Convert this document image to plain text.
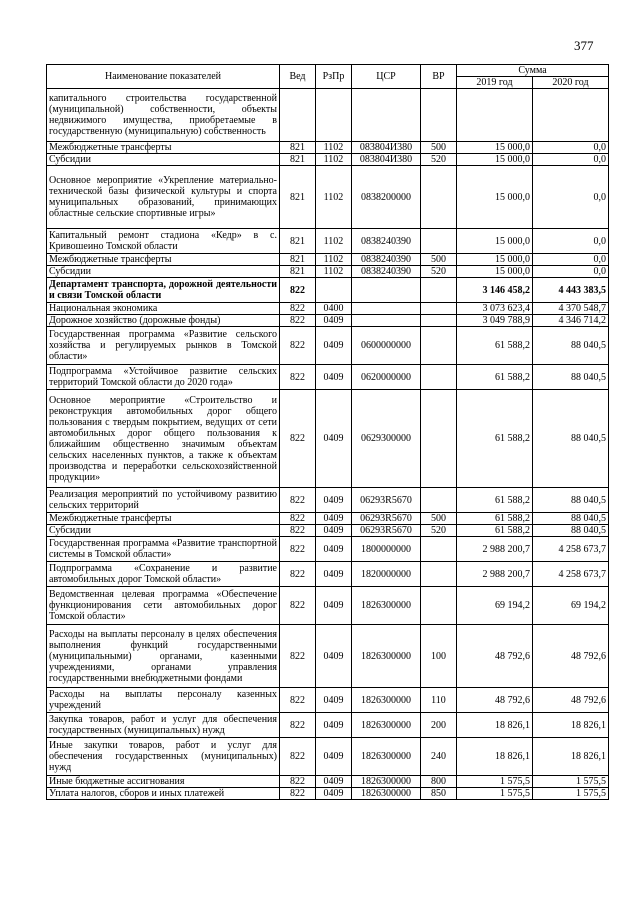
377
Наименование показателей	Вед	РзПр	ЦСР	ВР	Сумма	
					2019 год	2020 год
капитального строительства государственной (муниципальной) собственности, объекты недвижимого имущества, приобретаемые в государственную (муниципальную) собственность						
Межбюджетные трансферты	821	1102	083804И380	500	15 000,0	0,0
Субсидии	821	1102	083804И380	520	15 000,0	0,0
Основное мероприятие «Укрепление материально-технической базы физической культуры и спорта муниципальных образований, принимающих областные сельские спортивные игры»	821	1102	0838200000		15 000,0	0,0
Капитальный ремонт стадиона «Кедр» в с. Кривошеино Томской области	821	1102	0838240390		15 000,0	0,0
Межбюджетные трансферты	821	1102	0838240390	500	15 000,0	0,0
Субсидии	821	1102	0838240390	520	15 000,0	0,0
Департамент транспорта, дорожной деятельности и связи Томской области	822				3 146 458,2	4 443 383,5
Национальная экономика	822	0400			3 073 623,4	4 370 548,7
Дорожное хозяйство (дорожные фонды)	822	0409			3 049 788,9	4 346 714,2
Государственная программа «Развитие сельского хозяйства и регулируемых рынков в Томской области»	822	0409	0600000000		61 588,2	88 040,5
Подпрограмма «Устойчивое развитие сельских территорий Томской области до 2020 года»	822	0409	0620000000		61 588,2	88 040,5
Основное мероприятие «Строительство и реконструкция автомобильных дорог общего пользования с твердым покрытием, ведущих от сети автомобильных дорог общего пользования к ближайшим общественно значимым объектам сельских населенных пунктов, а также к объектам производства и переработки сельскохозяйственной продукции»	822	0409	0629300000		61 588,2	88 040,5
Реализация мероприятий по устойчивому развитию сельских территорий	822	0409	06293R5670		61 588,2	88 040,5
Межбюджетные трансферты	822	0409	06293R5670	500	61 588,2	88 040,5
Субсидии	822	0409	06293R5670	520	61 588,2	88 040,5
Государственная программа «Развитие транспортной системы в Томской области»	822	0409	1800000000		2 988 200,7	4 258 673,7
Подпрограмма «Сохранение и развитие автомобильных дорог Томской области»	822	0409	1820000000		2 988 200,7	4 258 673,7
Ведомственная целевая программа «Обеспечение функционирования сети автомобильных дорог Томской области»	822	0409	1826300000		69 194,2	69 194,2
Расходы на выплаты персоналу в целях обеспечения выполнения функций государственными (муниципальными) органами, казенными учреждениями, органами управления государственными внебюджетными фондами	822	0409	1826300000	100	48 792,6	48 792,6
Расходы на выплаты персоналу казенных учреждений	822	0409	1826300000	110	48 792,6	48 792,6
Закупка товаров, работ и услуг для обеспечения государственных (муниципальных) нужд	822	0409	1826300000	200	18 826,1	18 826,1
Иные закупки товаров, работ и услуг для обеспечения государственных (муниципальных) нужд	822	0409	1826300000	240	18 826,1	18 826,1
Иные бюджетные ассигнования	822	0409	1826300000	800	1 575,5	1 575,5
Уплата налогов, сборов и иных платежей	822	0409	1826300000	850	1 575,5	1 575,5
